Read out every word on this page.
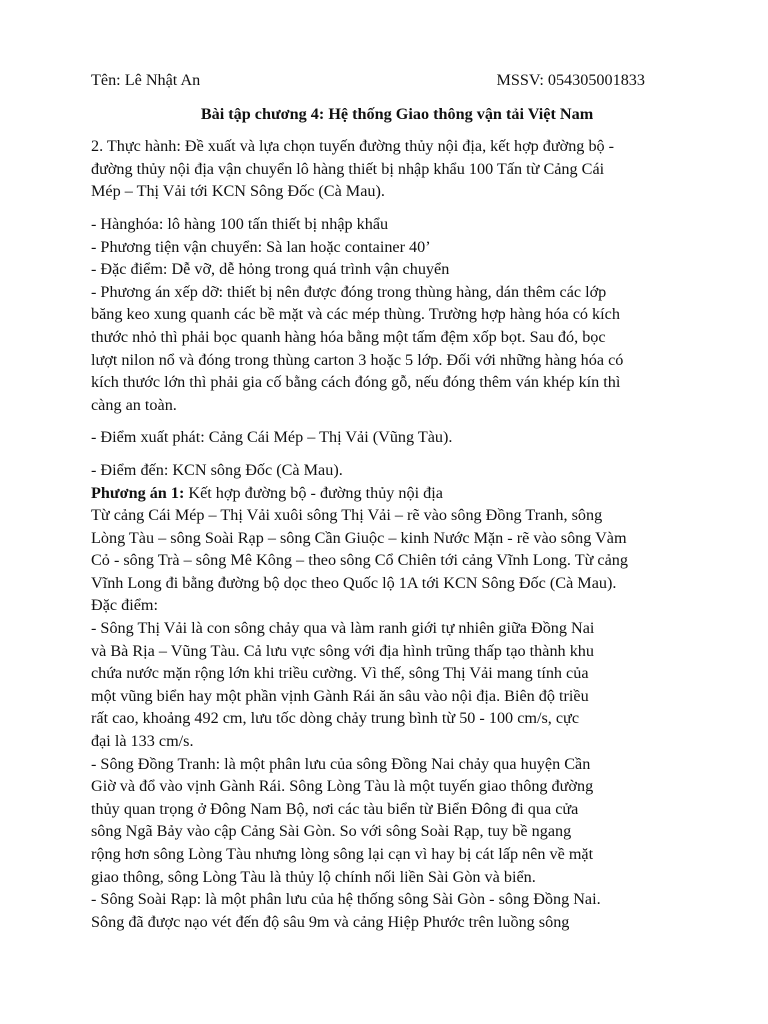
Tên: Lê Nhật An	MSSV: 054305001833
Bài tập chương 4: Hệ thống Giao thông vận tải Việt Nam

2. Thực hành: Đề xuất và lựa chọn tuyến đường thủy nội địa, kết hợp đường bộ -
đường thủy nội địa vận chuyển lô hàng thiết bị nhập khẩu 100 Tấn từ Cảng Cái
Mép – Thị Vải tới KCN Sông Đốc (Cà Mau).

- Hànghóa: lô hàng 100 tấn thiết bị nhập khẩu
- Phương tiện vận chuyển: Sà lan hoặc container 40’
- Đặc điểm: Dễ vỡ, dễ hỏng trong quá trình vận chuyển
- Phương án xếp dỡ: thiết bị nên được đóng trong thùng hàng, dán thêm các lớp
băng keo xung quanh các bề mặt và các mép thùng. Trường hợp hàng hóa có kích
thước nhỏ thì phải bọc quanh hàng hóa bằng một tấm đệm xốp bọt. Sau đó, bọc
lượt nilon nổ và đóng trong thùng carton 3 hoặc 5 lớp. Đối với những hàng hóa có
kích thước lớn thì phải gia cố bằng cách đóng gỗ, nếu đóng thêm ván khép kín thì
càng an toàn.

- Điểm xuất phát: Cảng Cái Mép – Thị Vải (Vũng Tàu).

- Điểm đến: KCN sông Đốc (Cà Mau).

Phương án 1: Kết hợp đường bộ - đường thủy nội địa
Từ cảng Cái Mép – Thị Vải xuôi sông Thị Vải – rẽ vào sông Đồng Tranh, sông
Lòng Tàu – sông Soài Rạp – sông Cần Giuộc – kinh Nước Mặn - rẽ vào sông Vàm
Cỏ - sông Trà – sông Mê Kông – theo sông Cổ Chiên tới cảng Vĩnh Long. Từ cảng
Vĩnh Long đi bằng đường bộ dọc theo Quốc lộ 1A tới KCN Sông Đốc (Cà Mau).
Đặc điểm:
- Sông Thị Vải là con sông chảy qua và làm ranh giới tự nhiên giữa Đồng Nai
và Bà Rịa – Vũng Tàu. Cả lưu vực sông với địa hình trũng thấp tạo thành khu
chứa nước mặn rộng lớn khi triều cường. Vì thế, sông Thị Vải mang tính của
một vũng biển hay một phần vịnh Gành Rái ăn sâu vào nội địa. Biên độ triều
rất cao, khoảng 492 cm, lưu tốc dòng chảy trung bình từ 50 - 100 cm/s, cực
đại là 133 cm/s.
- Sông Đồng Tranh: là một phân lưu của sông Đồng Nai chảy qua huyện Cần
Giờ và đổ vào vịnh Gành Rái. Sông Lòng Tàu là một tuyến giao thông đường
thủy quan trọng ở Đông Nam Bộ, nơi các tàu biển từ Biển Đông đi qua cửa
sông Ngã Bảy vào cập Cảng Sài Gòn. So với sông Soài Rạp, tuy bề ngang
rộng hơn sông Lòng Tàu nhưng lòng sông lại cạn vì hay bị cát lấp nên về mặt
giao thông, sông Lòng Tàu là thủy lộ chính nối liền Sài Gòn và biển.
- Sông Soài Rạp: là một phân lưu của hệ thống sông Sài Gòn - sông Đồng Nai.
Sông đã được nạo vét đến độ sâu 9m và cảng Hiệp Phước trên luồng sông
